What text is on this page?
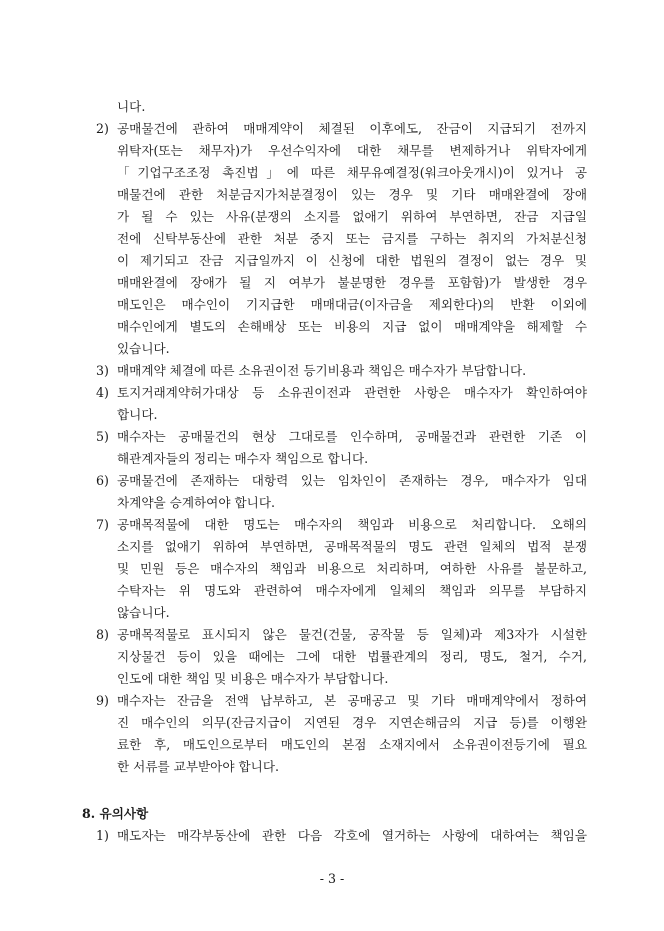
니다.
2) 공매물건에 관하여 매매계약이 체결된 이후에도, 잔금이 지급되기 전까지
위탁자(또는 채무자)가 우선수익자에 대한 채무를 변제하거나 위탁자에게
「기업구조조정 촉진법」에 따른 채무유예결정(워크아웃개시)이 있거나 공
매물건에 관한 처분금지가처분결정이 있는 경우 및 기타 매매완결에 장애
가 될 수 있는 사유(분쟁의 소지를 없애기 위하여 부연하면, 잔금 지급일
전에 신탁부동산에 관한 처분 중지 또는 금지를 구하는 취지의 가처분신청
이 제기되고 잔금 지급일까지 이 신청에 대한 법원의 결정이 없는 경우 및
매매완결에 장애가 될 지 여부가 불분명한 경우를 포함함)가 발생한 경우
매도인은 매수인이 기지급한 매매대금(이자금을 제외한다)의 반환 이외에
매수인에게 별도의 손해배상 또는 비용의 지급 없이 매매계약을 해제할 수
있습니다.
3) 매매계약 체결에 따른 소유권이전 등기비용과 책임은 매수자가 부담합니다.
4) 토지거래계약허가대상 등 소유권이전과 관련한 사항은 매수자가 확인하여야
합니다.
5) 매수자는 공매물건의 현상 그대로를 인수하며, 공매물건과 관련한 기존 이
해관계자들의 정리는 매수자 책임으로 합니다.
6) 공매물건에 존재하는 대항력 있는 임차인이 존재하는 경우, 매수자가 임대
차계약을 승계하여야 합니다.
7) 공매목적물에 대한 명도는 매수자의 책임과 비용으로 처리합니다. 오해의
소지를 없애기 위하여 부연하면, 공매목적물의 명도 관련 일체의 법적 분쟁
및 민원 등은 매수자의 책임과 비용으로 처리하며, 여하한 사유를 불문하고,
수탁자는 위 명도와 관련하여 매수자에게 일체의 책임과 의무를 부담하지
않습니다.
8) 공매목적물로 표시되지 않은 물건(건물, 공작물 등 일체)과 제3자가 시설한
지상물건 등이 있을 때에는 그에 대한 법률관계의 정리, 명도, 철거, 수거,
인도에 대한 책임 및 비용은 매수자가 부담합니다.
9) 매수자는 잔금을 전액 납부하고, 본 공매공고 및 기타 매매계약에서 정하여
진 매수인의 의무(잔금지급이 지연된 경우 지연손해금의 지급 등)를 이행완
료한 후, 매도인으로부터 매도인의 본점 소재지에서 소유권이전등기에 필요
한 서류를 교부받아야 합니다.
8. 유의사항
1) 매도자는 매각부동산에 관한 다음 각호에 열거하는 사항에 대하여는 책임을
- 3 -
